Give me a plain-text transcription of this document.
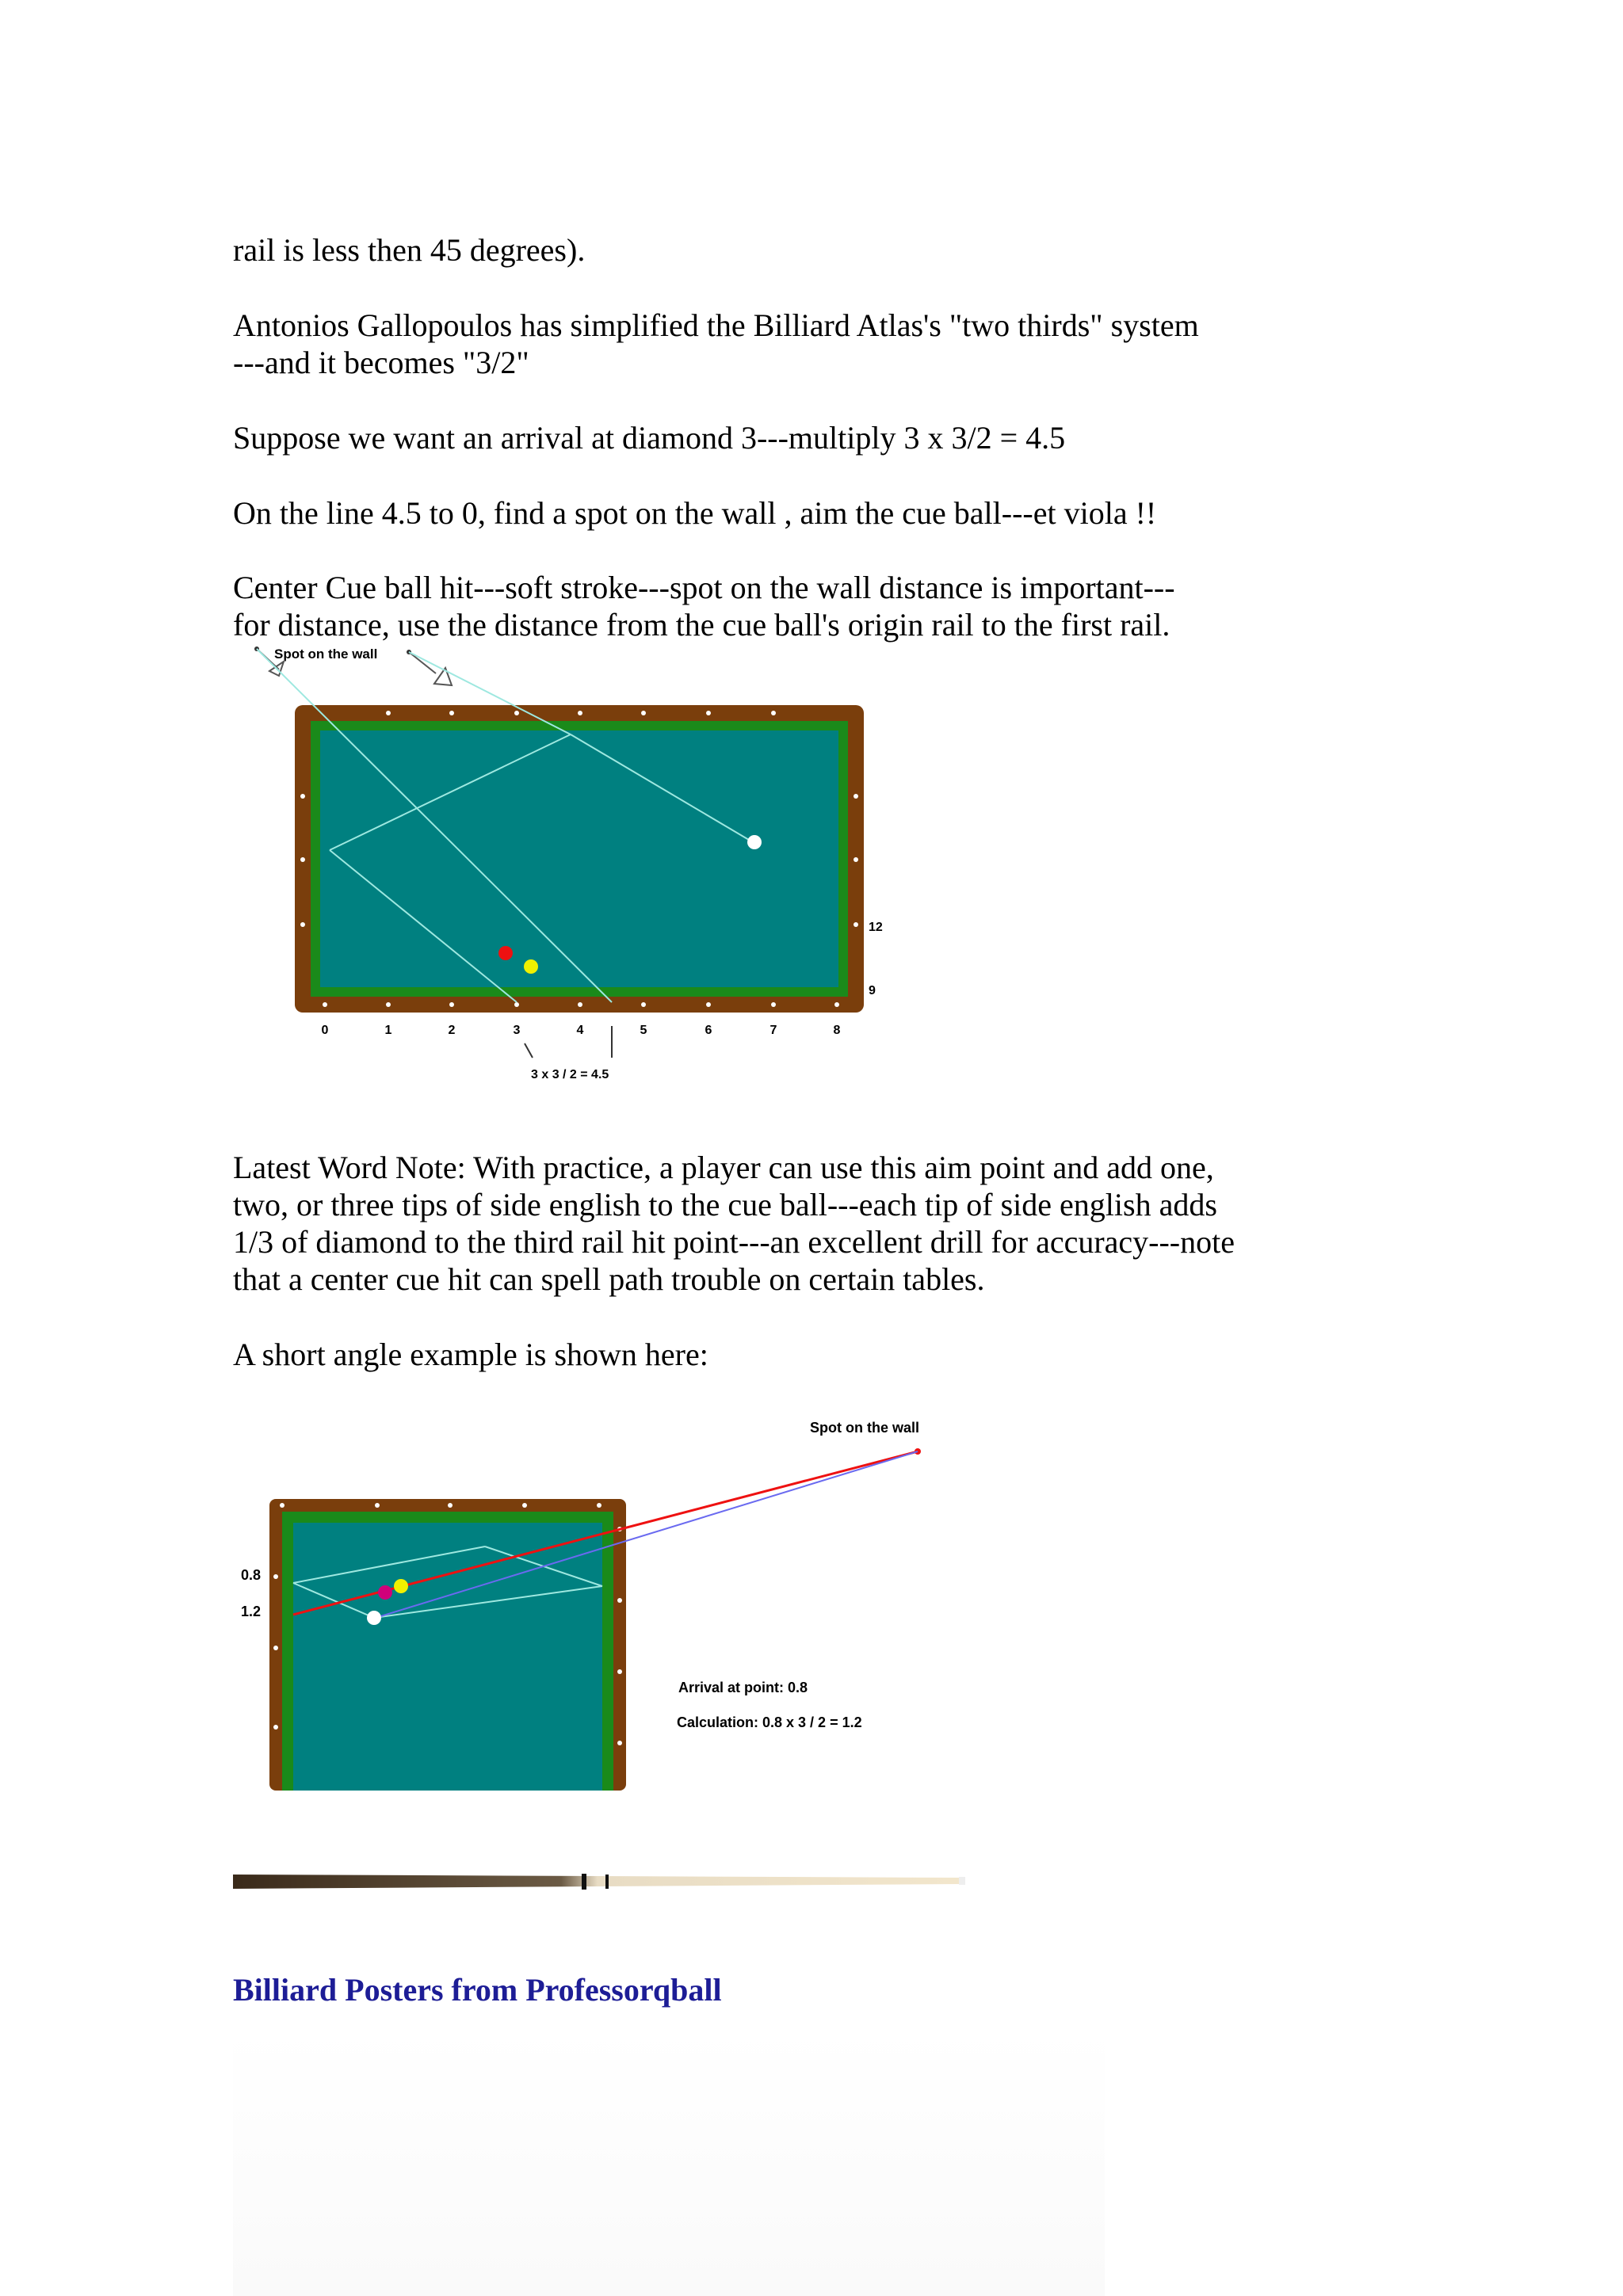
rail is less then 45 degrees).

Antonios Gallopoulos has simplified the Billiard Atlas's "two thirds" system
---and it becomes "3/2"

Suppose we want an arrival at diamond 3---multiply 3 x 3/2 = 4.5

On the line 4.5 to 0, find a spot on the wall , aim the cue ball---et viola !!

Center Cue ball hit---soft stroke---spot on the wall distance is important---
for distance, use the distance from the cue ball's origin rail to the first rail.
Spot on the wall
12
9
0	1	2	3	4	5	6	7	8
3 x 3 / 2 = 4.5
Latest Word Note: With practice, a player can use this aim point and add one,
two, or three tips of side english to the cue ball---each tip of side english adds
1/3 of diamond to the third rail hit point---an excellent drill for accuracy---note
that a center cue hit can spell path trouble on certain tables.

A short angle example is shown here:

Spot on the wall
0.8
1.2
Arrival at point: 0.8
Calculation: 0.8 x 3 / 2 = 1.2
Billiard Posters from Professorqball
